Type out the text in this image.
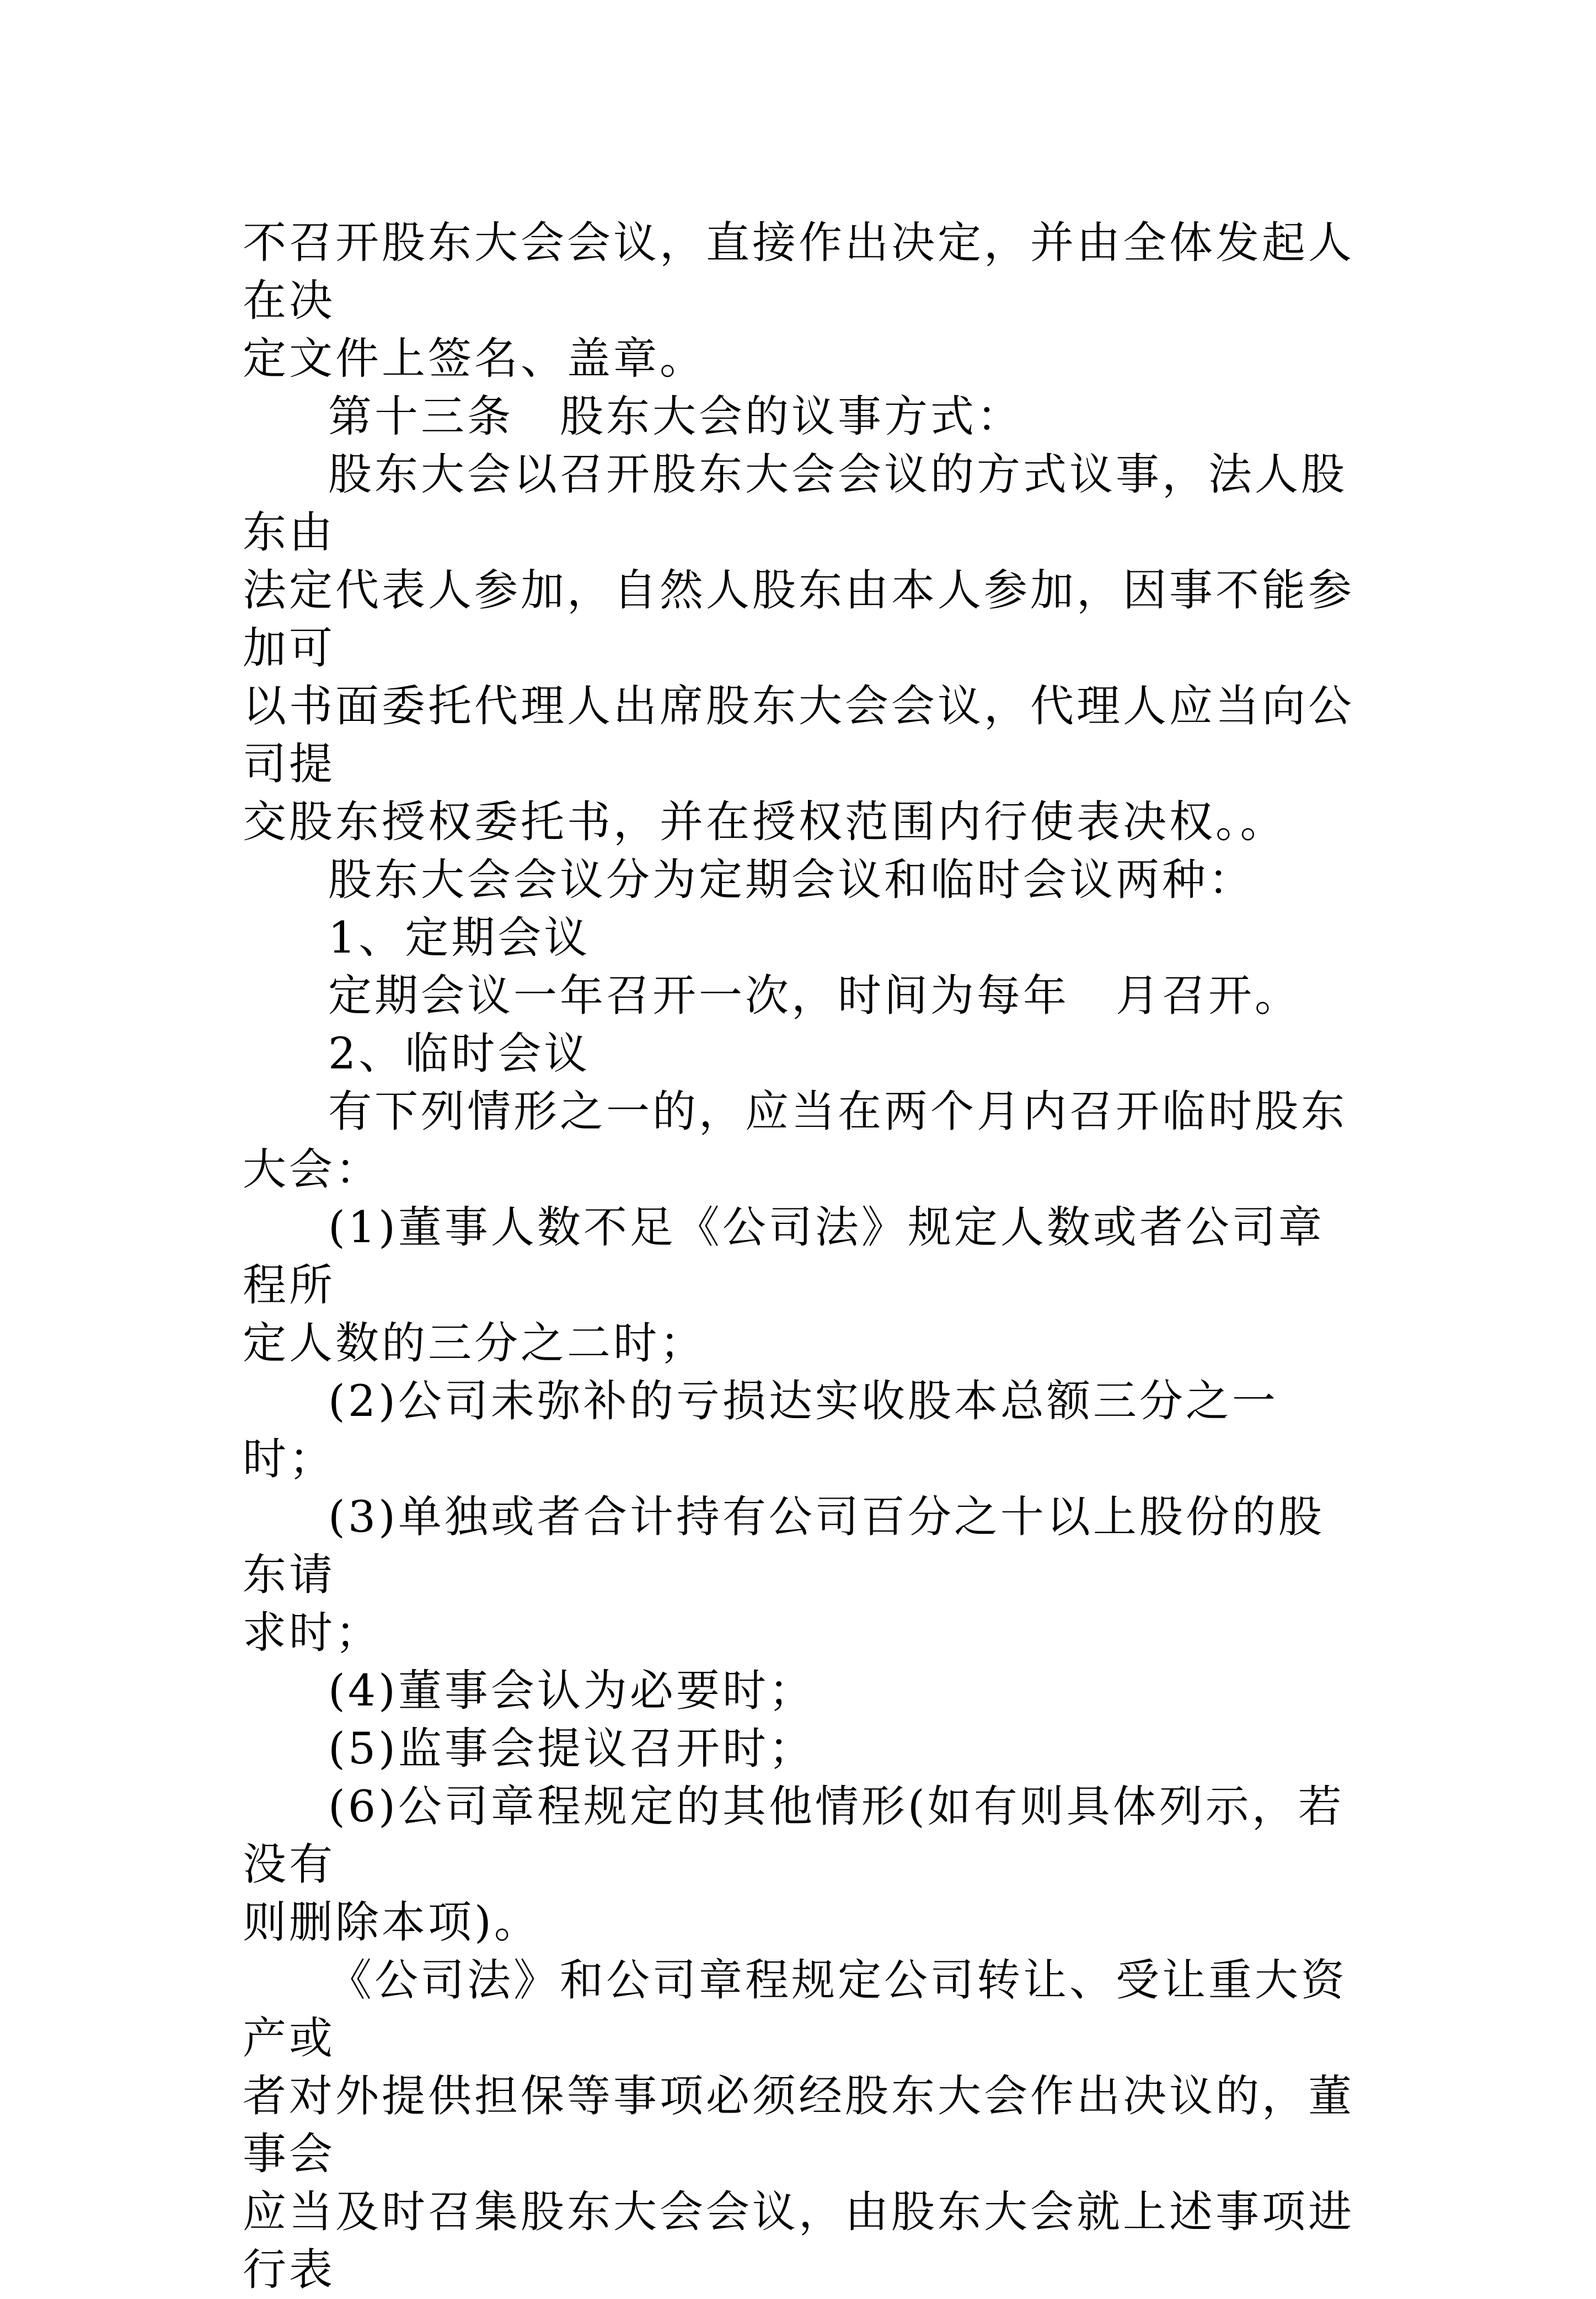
不召开股东大会会议，直接作出决定，并由全体发起人在决
定文件上签名、盖章。

第十三条　股东大会的议事方式：

股东大会以召开股东大会会议的方式议事，法人股东由
法定代表人参加，自然人股东由本人参加，因事不能参加可
以书面委托代理人出席股东大会会议，代理人应当向公司提
交股东授权委托书，并在授权范围内行使表决权。。

股东大会会议分为定期会议和临时会议两种：

1、定期会议

定期会议一年召开一次，时间为每年　月召开。

2、临时会议

有下列情形之一的，应当在两个月内召开临时股东大会：

(1)董事人数不足《公司法》规定人数或者公司章程所
定人数的三分之二时；

(2)公司未弥补的亏损达实收股本总额三分之一时；

(3)单独或者合计持有公司百分之十以上股份的股东请
求时；

(4)董事会认为必要时；

(5)监事会提议召开时；

(6)公司章程规定的其他情形(如有则具体列示，若没有
则删除本项)。

《公司法》和公司章程规定公司转让、受让重大资产或
者对外提供担保等事项必须经股东大会作出决议的，董事会
应当及时召集股东大会会议，由股东大会就上述事项进行表
